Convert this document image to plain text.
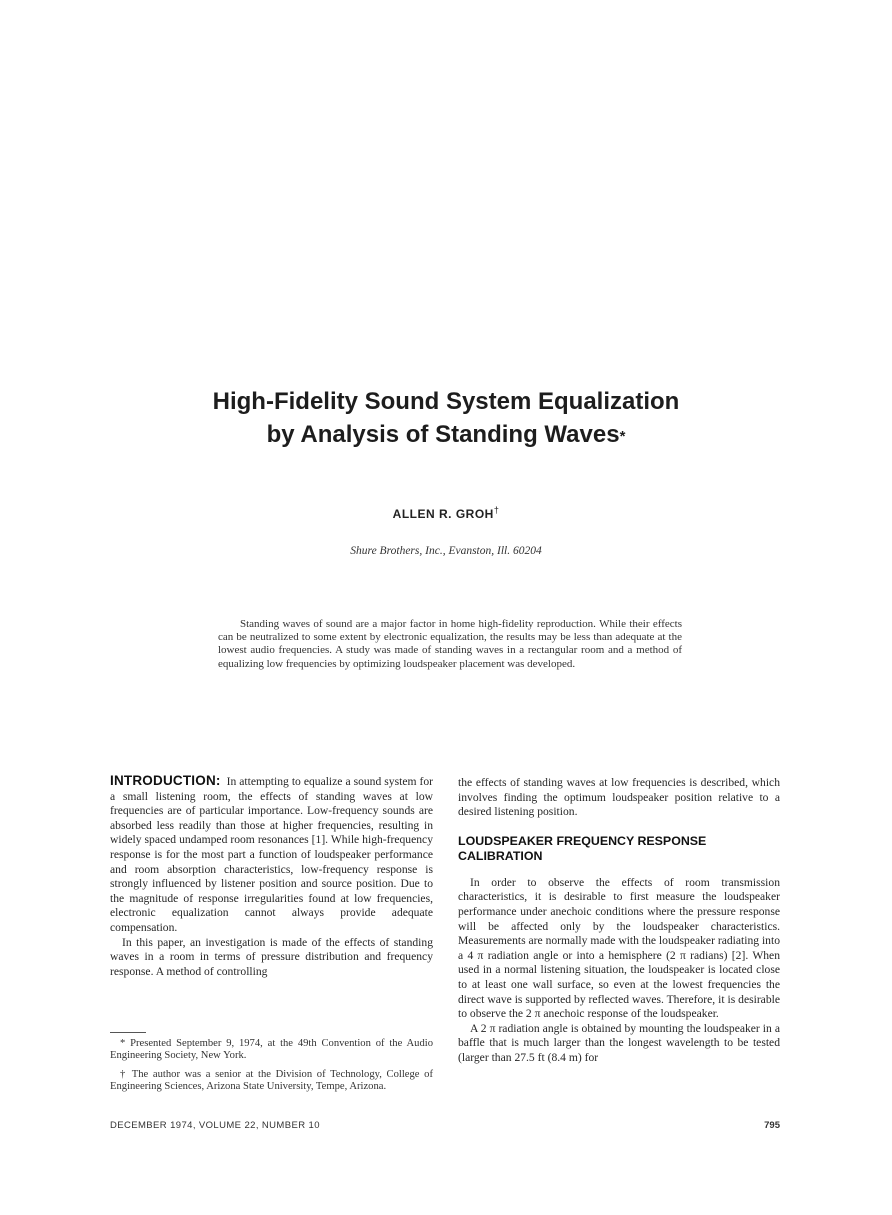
High-Fidelity Sound System Equalization
by Analysis of Standing Waves*
ALLEN R. GROH†
Shure Brothers, Inc., Evanston, Ill. 60204
Standing waves of sound are a major factor in home high-fidelity reproduction. While their effects can be neutralized to some extent by electronic equalization, the results may be less than adequate at the lowest audio frequencies. A study was made of standing waves in a rectangular room and a method of equalizing low frequencies by optimizing loudspeaker placement was developed.

INTRODUCTION: In attempting to equalize a sound system for a small listening room, the effects of standing waves at low frequencies are of particular importance. Low-frequency sounds are absorbed less readily than those at higher frequencies, resulting in widely spaced undamped room resonances [1]. While high-frequency response is for the most part a function of loudspeaker performance and room absorption characteristics, low-frequency response is strongly influenced by listener position and source position. Due to the magnitude of response irregularities found at low frequencies, electronic equalization cannot always provide adequate compensation.

In this paper, an investigation is made of the effects of standing waves in a room in terms of pressure distribution and frequency response. A method of controlling

the effects of standing waves at low frequencies is described, which involves finding the optimum loudspeaker position relative to a desired listening position.

LOUDSPEAKER FREQUENCY RESPONSE CALIBRATION

In order to observe the effects of room transmission characteristics, it is desirable to first measure the loudspeaker performance under anechoic conditions where the pressure response will be affected only by the loudspeaker characteristics. Measurements are normally made with the loudspeaker radiating into a 4 π radiation angle or into a hemisphere (2 π radians) [2]. When used in a normal listening situation, the loudspeaker is located close to at least one wall surface, so even at the lowest frequencies the direct wave is supported by reflected waves. Therefore, it is desirable to observe the 2 π anechoic response of the loudspeaker.

A 2 π radiation angle is obtained by mounting the loudspeaker in a baffle that is much larger than the longest wavelength to be tested (larger than 27.5 ft (8.4 m) for

* Presented September 9, 1974, at the 49th Convention of the Audio Engineering Society, New York.

† The author was a senior at the Division of Technology, College of Engineering Sciences, Arizona State University, Tempe, Arizona.

DECEMBER 1974, VOLUME 22, NUMBER 10	795
